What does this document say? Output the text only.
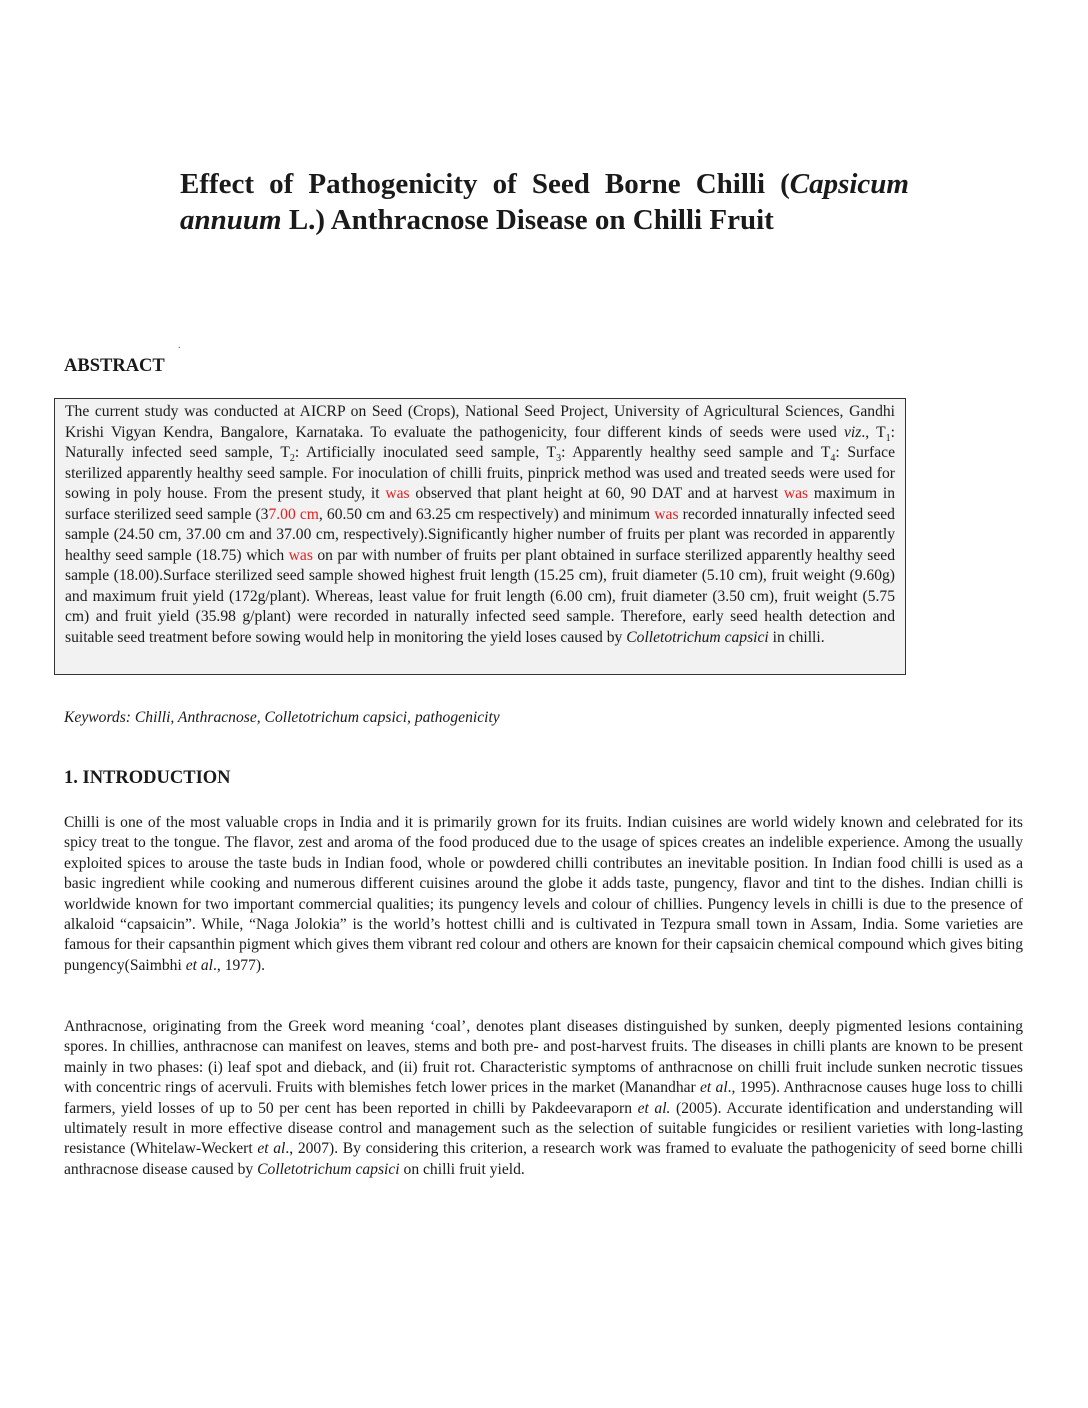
Effect of Pathogenicity of Seed Borne Chilli (Capsicum annuum L.) Anthracnose Disease on Chilli Fruit
.
ABSTRACT
The current study was conducted at AICRP on Seed (Crops), National Seed Project, University of Agricultural Sciences, Gandhi Krishi Vigyan Kendra, Bangalore, Karnataka. To evaluate the pathogenicity, four different kinds of seeds were used viz., $T_1$: Naturally infected seed sample, $T_2$: Artificially inoculated seed sample, $T_3$: Apparently healthy seed sample and $T_4$: Surface sterilized apparently healthy seed sample. For inoculation of chilli fruits, pinprick method was used and treated seeds were used for sowing in poly house. From the present study, it was observed that plant height at 60, 90 DAT and at harvest was maximum in surface sterilized seed sample (37.00 cm, 60.50 cm and 63.25 cm respectively) and minimum was recorded innaturally infected seed sample (24.50 cm, 37.00 cm and 37.00 cm, respectively).Significantly higher number of fruits per plant was recorded in apparently healthy seed sample (18.75) which was on par with number of fruits per plant obtained in surface sterilized apparently healthy seed sample (18.00).Surface sterilized seed sample showed highest fruit length (15.25 cm), fruit diameter (5.10 cm), fruit weight (9.60g) and maximum fruit yield (172g/plant). Whereas, least value for fruit length (6.00 cm), fruit diameter (3.50 cm), fruit weight (5.75 cm) and fruit yield (35.98 g/plant) were recorded in naturally infected seed sample. Therefore, early seed health detection and suitable seed treatment before sowing would help in monitoring the yield loses caused by Colletotrichum capsici in chilli.

Keywords: Chilli, Anthracnose, Colletotrichum capsici, pathogenicity

1. INTRODUCTION

Chilli is one of the most valuable crops in India and it is primarily grown for its fruits. Indian cuisines are world widely known and celebrated for its spicy treat to the tongue. The flavor, zest and aroma of the food produced due to the usage of spices creates an indelible experience. Among the usually exploited spices to arouse the taste buds in Indian food, whole or powdered chilli contributes an inevitable position. In Indian food chilli is used as a basic ingredient while cooking and numerous different cuisines around the globe it adds taste, pungency, flavor and tint to the dishes. Indian chilli is worldwide known for two important commercial qualities; its pungency levels and colour of chillies. Pungency levels in chilli is due to the presence of alkaloid “capsaicin”. While, “Naga Jolokia” is the world’s hottest chilli and is cultivated in Tezpura small town in Assam, India. Some varieties are famous for their capsanthin pigment which gives them vibrant red colour and others are known for their capsaicin chemical compound which gives biting pungency(Saimbhi et al., 1977).

Anthracnose, originating from the Greek word meaning ‘coal’, denotes plant diseases distinguished by sunken, deeply pigmented lesions containing spores. In chillies, anthracnose can manifest on leaves, stems and both pre- and post-harvest fruits. The diseases in chilli plants are known to be present mainly in two phases: (i) leaf spot and dieback, and (ii) fruit rot. Characteristic symptoms of anthracnose on chilli fruit include sunken necrotic tissues with concentric rings of acervuli. Fruits with blemishes fetch lower prices in the market (Manandhar et al., 1995). Anthracnose causes huge loss to chilli farmers, yield losses of up to 50 per cent has been reported in chilli by Pakdeevaraporn et al. (2005). Accurate identification and understanding will ultimately result in more effective disease control and management such as the selection of suitable fungicides or resilient varieties with long-lasting resistance (Whitelaw-Weckert et al., 2007). By considering this criterion, a research work was framed to evaluate the pathogenicity of seed borne chilli anthracnose disease caused by Colletotrichum capsici on chilli fruit yield.
